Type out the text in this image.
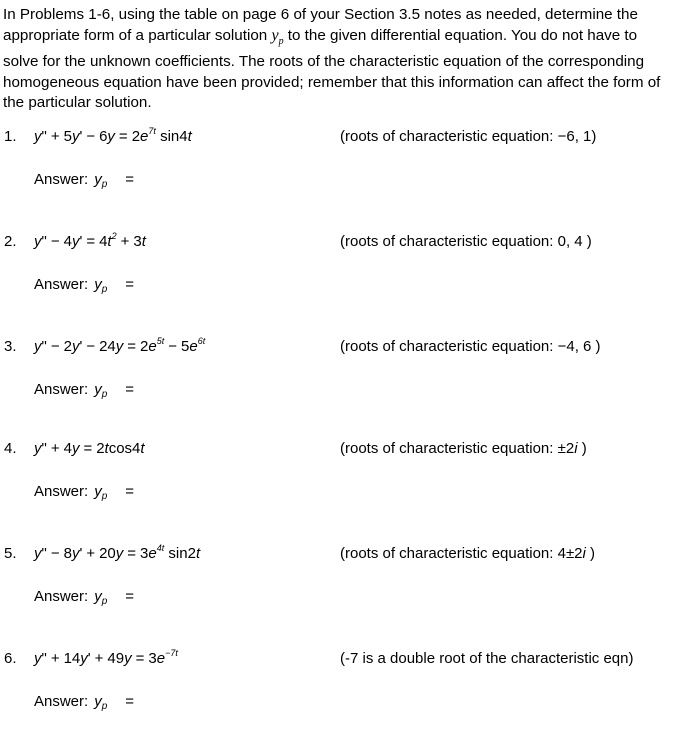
In Problems 1-6, using the table on page 6 of your Section 3.5 notes as needed, determine the appropriate form of a particular solution $y_p$ to the given differential equation. You do not have to solve for the unknown coefficients. The roots of the characteristic equation of the corresponding homogeneous equation have been provided; remember that this information can affect the form of the particular solution.
1. y" + $5y' - 6y = 2e^{7t}$ sin4t	(roots of characteristic equation: −6, 1)
Answer: $y_p$ =
2. y" − $4y' = 4t^2 + 3t$	(roots of characteristic equation: 0, 4 )
Answer: $y_p$ =
3. y" − $2y' - 24y = 2e^{5t} - 5e^{6t}$	(roots of characteristic equation: −4, 6 )
Answer: $y_p$ =
4. y" + 4y = 2tcos4t	(roots of characteristic equation: ±2i )
Answer: $y_p$ =
5. y" − $8y' + 20y = 3e^{4t}$ sin2t	(roots of characteristic equation: 4±2i )
Answer: $y_p$ =
6. y" + $14y' + 49y = 3e^{-7t}$	(-7 is a double root of the characteristic eqn)
Answer: $y_p$ =
